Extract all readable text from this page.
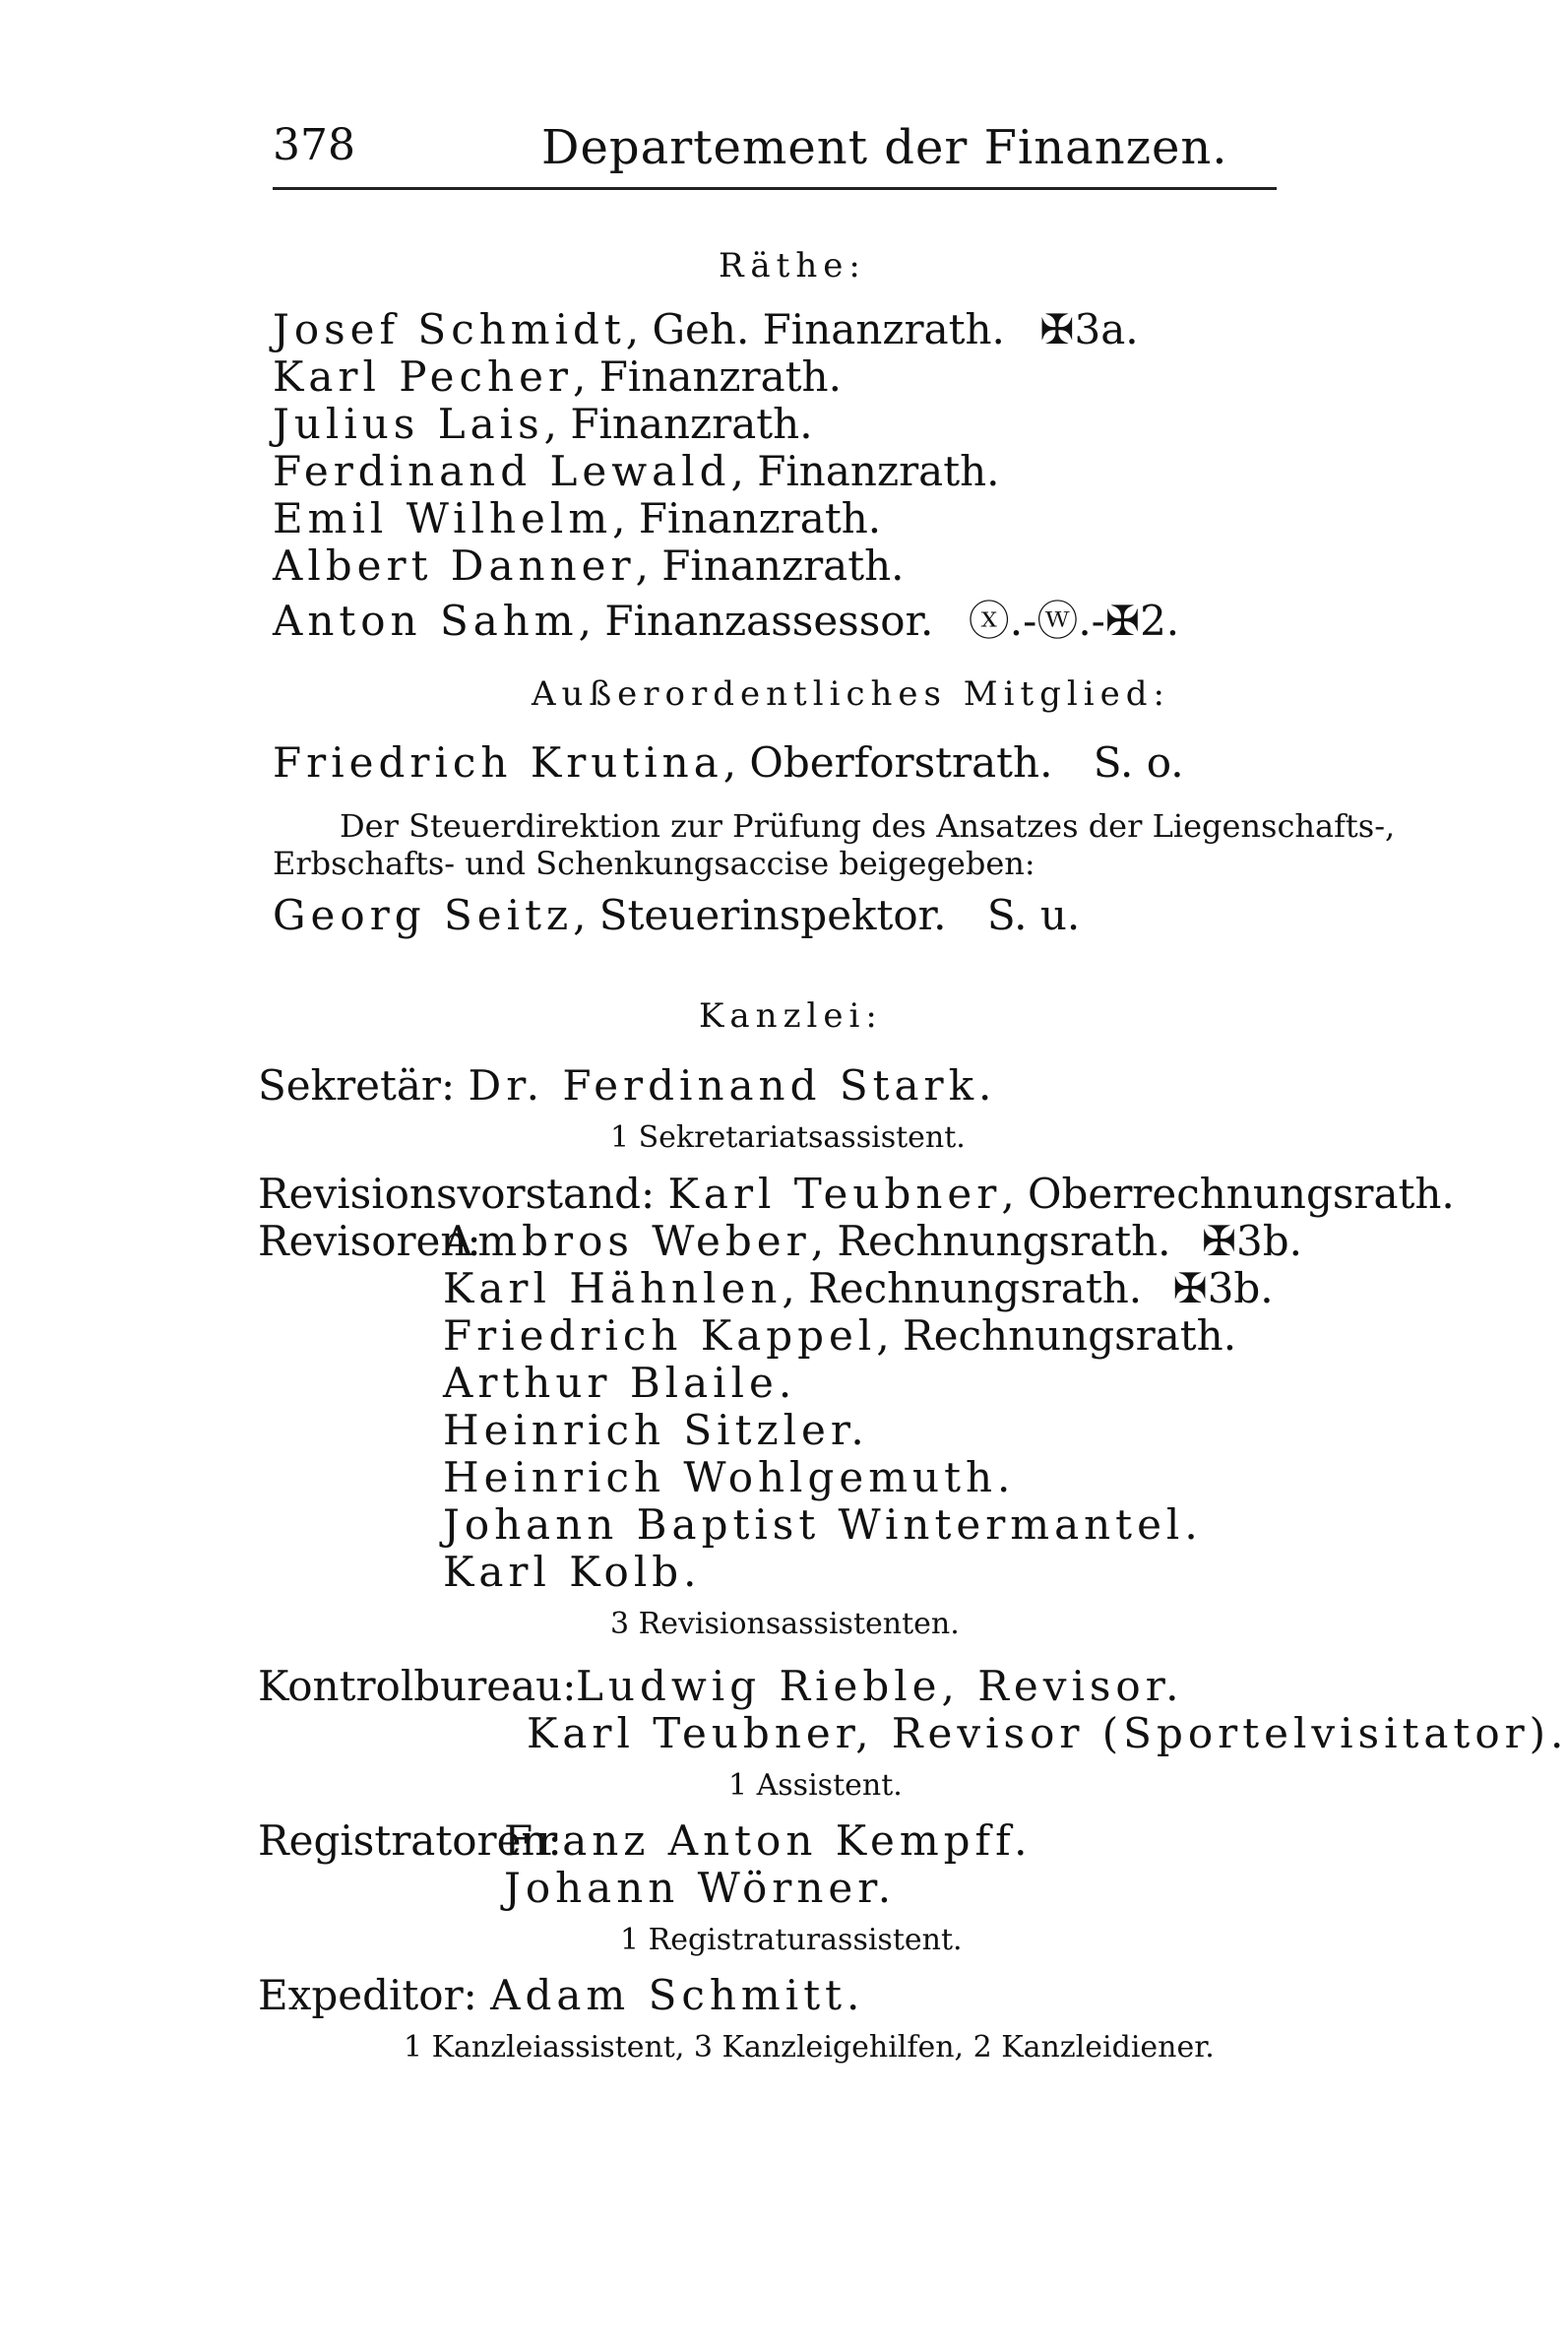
378	Departement der Finanzen.
Räthe:
Josef Schmidt, Geh. Finanzrath. ✠3a.
Karl Pecher, Finanzrath.
Julius Lais, Finanzrath.
Ferdinand Lewald, Finanzrath.
Emil Wilhelm, Finanzrath.
Albert Danner, Finanzrath.
Anton Sahm, Finanzassessor. ⓧ.-ⓦ.-✠2.
Außerordentliches Mitglied:
Friedrich Krutina, Oberforstrath. S. o.
Der Steuerdirektion zur Prüfung des Ansatzes der Liegenschafts-,
Erbschafts- und Schenkungsaccise beigegeben:
Georg Seitz, Steuerinspektor. S. u.
Kanzlei:
Sekretär: Dr. Ferdinand Stark.
1 Sekretariatsassistent.
Revisionsvorstand: Karl Teubner, Oberrechnungsrath.
Revisoren:
Ambros Weber, Rechnungsrath. ✠3b.
Karl Hähnlen, Rechnungsrath. ✠3b.
Friedrich Kappel, Rechnungsrath.
Arthur Blaile.
Heinrich Sitzler.
Heinrich Wohlgemuth.
Johann Baptist Wintermantel.
Karl Kolb.
3 Revisionsassistenten.
Kontrolbureau: Ludwig Rieble, Revisor.
Karl Teubner, Revisor (Sportelvisitator).
1 Assistent.
Registratoren:
Franz Anton Kempff.
Johann Wörner.
1 Registraturassistent.
Expeditor: Adam Schmitt.
1 Kanzleiassistent, 3 Kanzleigehilfen, 2 Kanzleidiener.
